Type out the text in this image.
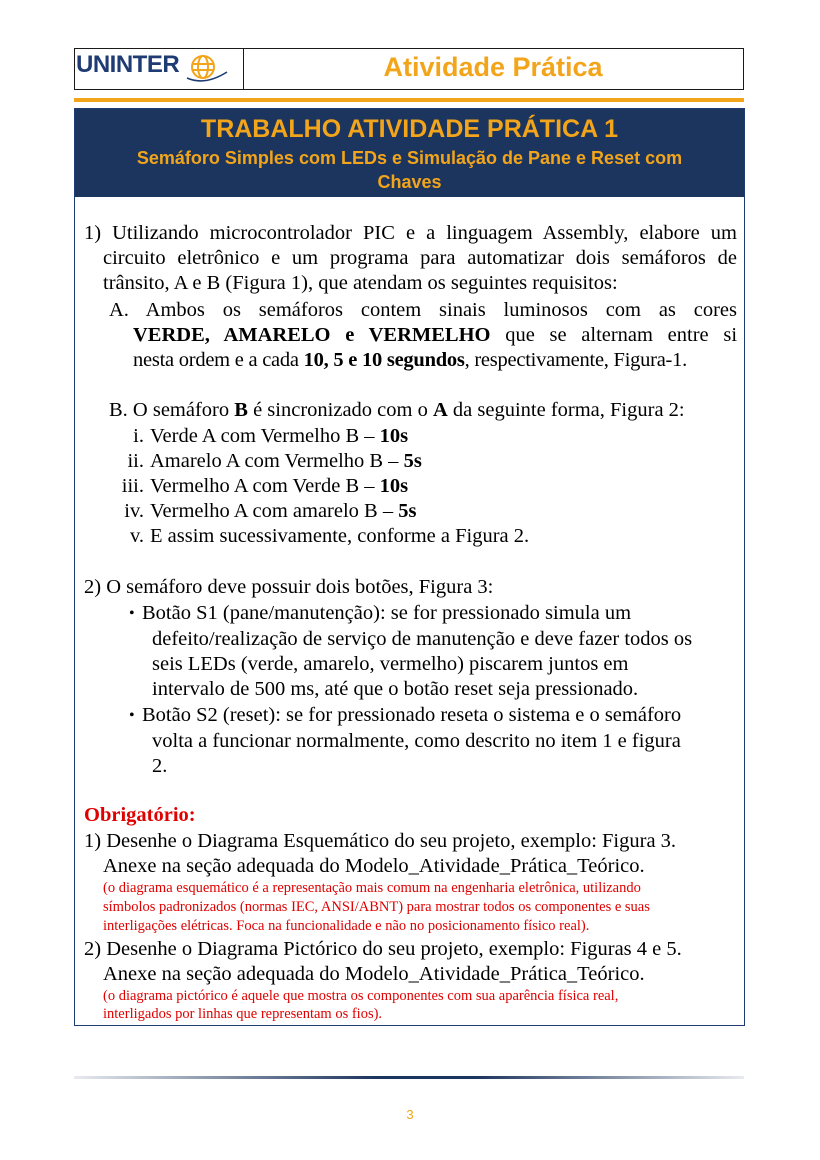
UNINTER	Atividade Prática
TRABALHO ATIVIDADE PRÁTICA 1
Semáforo Simples com LEDs e Simulação de Pane e Reset com Chaves
1) Utilizando microcontrolador PIC e a linguagem Assembly, elabore um
circuito eletrônico e um programa para automatizar dois semáforos de
trânsito, A e B (Figura 1), que atendam os seguintes requisitos:
A. Ambos os semáforos contem sinais luminosos com as cores
VERDE, AMARELO e VERMELHO que se alternam entre si
nesta ordem e a cada 10, 5 e 10 segundos, respectivamente, Figura-1.
B. O semáforo B é sincronizado com o A da seguinte forma, Figura 2:
i. Verde A com Vermelho B – 10s
ii. Amarelo A com Vermelho B – 5s
iii. Vermelho A com Verde B – 10s
iv. Vermelho A com amarelo B – 5s
v. E assim sucessivamente, conforme a Figura 2.
2) O semáforo deve possuir dois botões, Figura 3:
• Botão S1 (pane/manutenção): se for pressionado simula um
defeito/realização de serviço de manutenção e deve fazer todos os
seis LEDs (verde, amarelo, vermelho) piscarem juntos em
intervalo de 500 ms, até que o botão reset seja pressionado.
• Botão S2 (reset): se for pressionado reseta o sistema e o semáforo
volta a funcionar normalmente, como descrito no item 1 e figura
2.
Obrigatório:
1) Desenhe o Diagrama Esquemático do seu projeto, exemplo: Figura 3.
Anexe na seção adequada do Modelo_Atividade_Prática_Teórico.
(o diagrama esquemático é a representação mais comum na engenharia eletrônica, utilizando
símbolos padronizados (normas IEC, ANSI/ABNT) para mostrar todos os componentes e suas
interligações elétricas. Foca na funcionalidade e não no posicionamento físico real).
2) Desenhe o Diagrama Pictórico do seu projeto, exemplo: Figuras 4 e 5.
Anexe na seção adequada do Modelo_Atividade_Prática_Teórico.
(o diagrama pictórico é aquele que mostra os componentes com sua aparência física real,
interligados por linhas que representam os fios).
3
